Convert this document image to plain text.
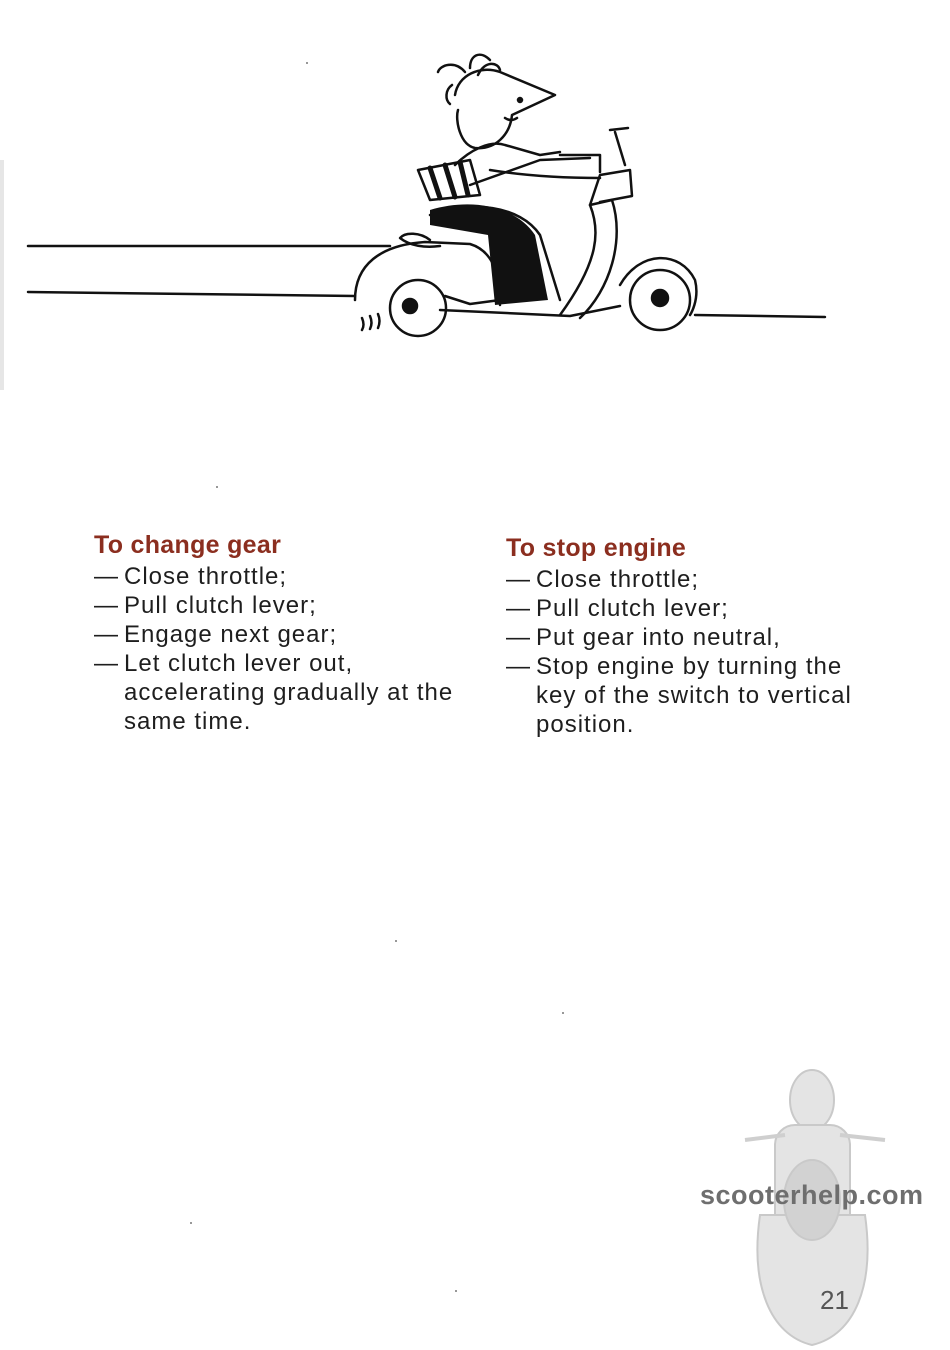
To change gear
— Close throttle;
— Pull clutch lever;
— Engage next gear;
— Let clutch lever out, accelerating gradually at the same time.
To stop engine
— Close throttle;
— Pull clutch lever;
— Put gear into neutral,
— Stop engine by turning the key of the switch to vertical position.
scooterhelp.com
21
